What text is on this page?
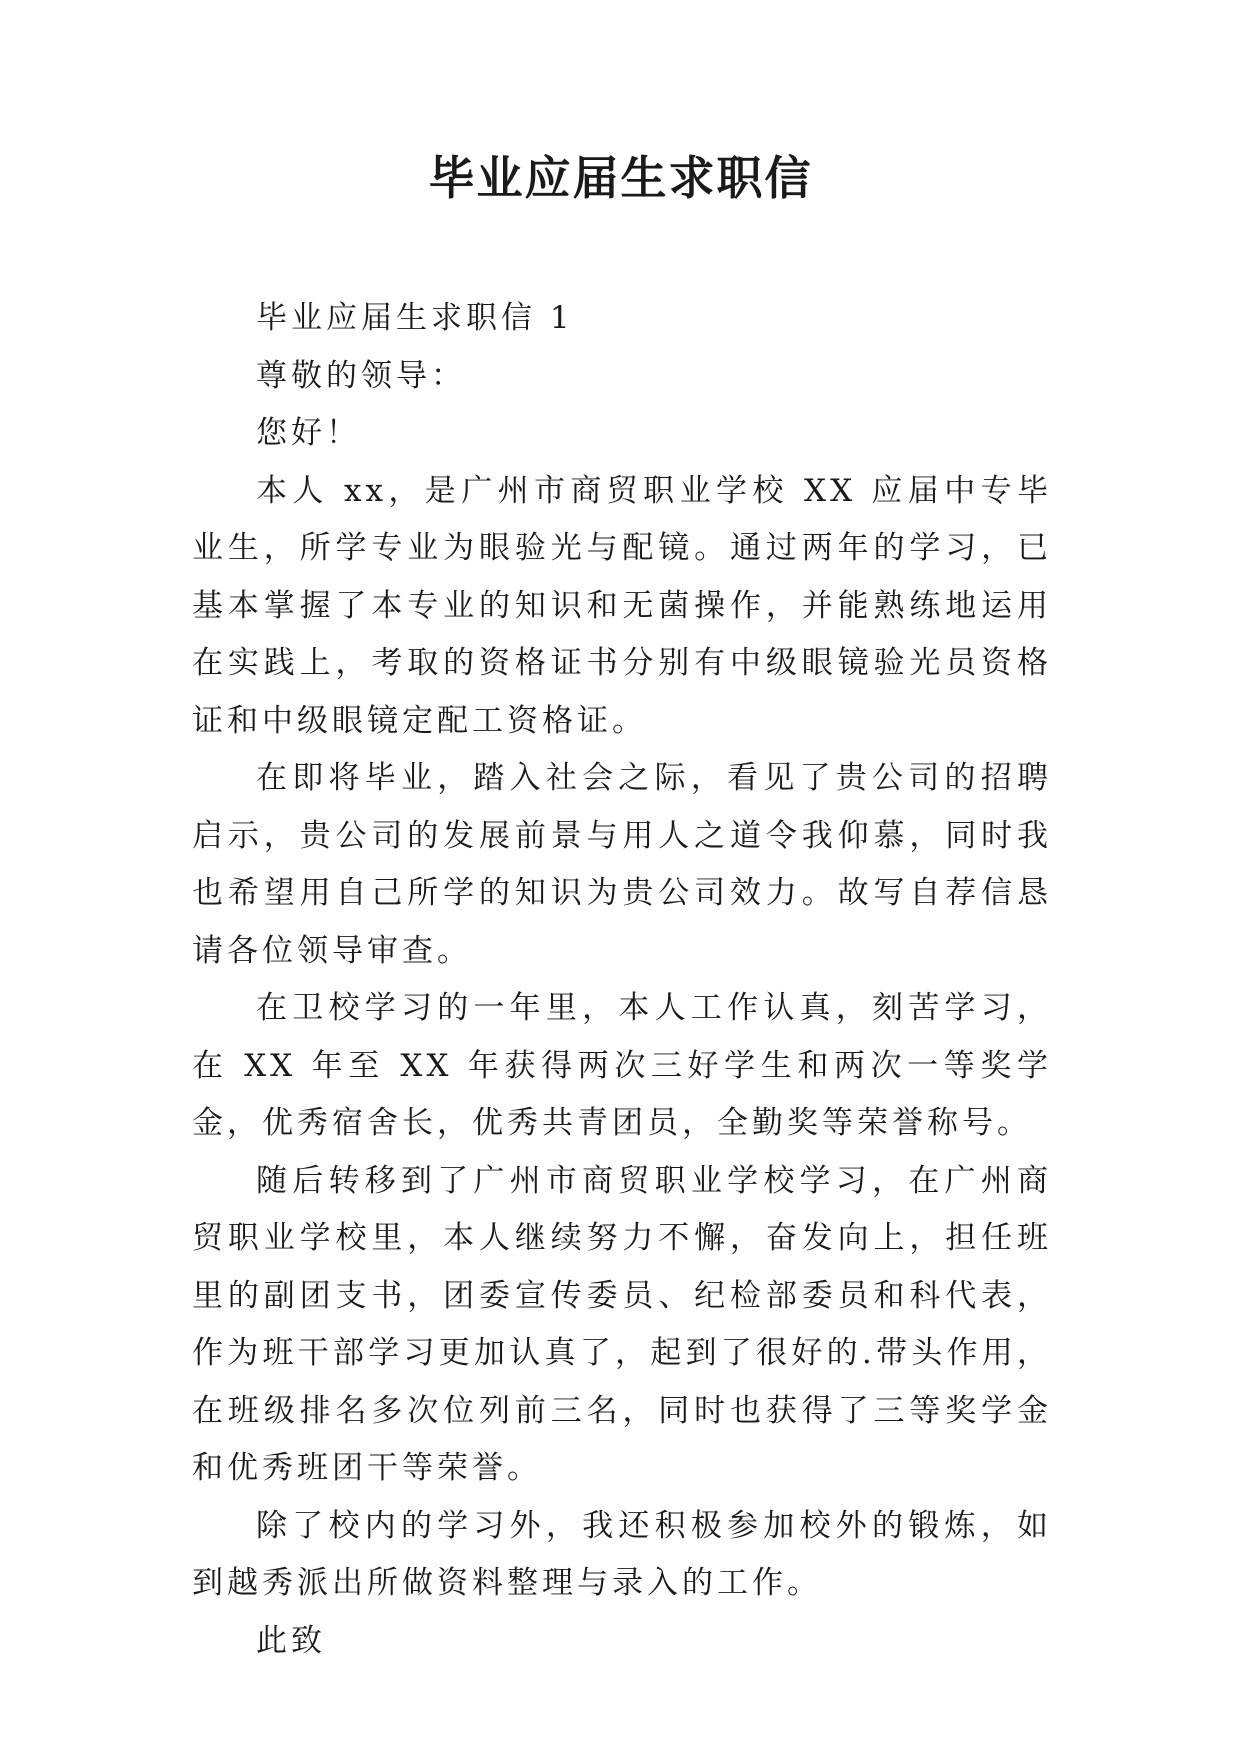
毕业应届生求职信

毕业应届生求职信 1

尊敬的领导：

您好！

本人 xx，是广州市商贸职业学校 XX 应届中专毕业生，所学专业为眼验光与配镜。通过两年的学习，已基本掌握了本专业的知识和无菌操作，并能熟练地运用在实践上，考取的资格证书分别有中级眼镜验光员资格证和中级眼镜定配工资格证。

在即将毕业，踏入社会之际，看见了贵公司的招聘启示，贵公司的发展前景与用人之道令我仰慕，同时我也希望用自己所学的知识为贵公司效力。故写自荐信恳请各位领导审查。

在卫校学习的一年里，本人工作认真，刻苦学习，在 XX 年至 XX 年获得两次三好学生和两次一等奖学金，优秀宿舍长，优秀共青团员，全勤奖等荣誉称号。

随后转移到了广州市商贸职业学校学习，在广州商贸职业学校里，本人继续努力不懈，奋发向上，担任班里的副团支书，团委宣传委员、纪检部委员和科代表，作为班干部学习更加认真了，起到了很好的.带头作用，在班级排名多次位列前三名，同时也获得了三等奖学金和优秀班团干等荣誉。

除了校内的学习外，我还积极参加校外的锻炼，如到越秀派出所做资料整理与录入的工作。

此致
